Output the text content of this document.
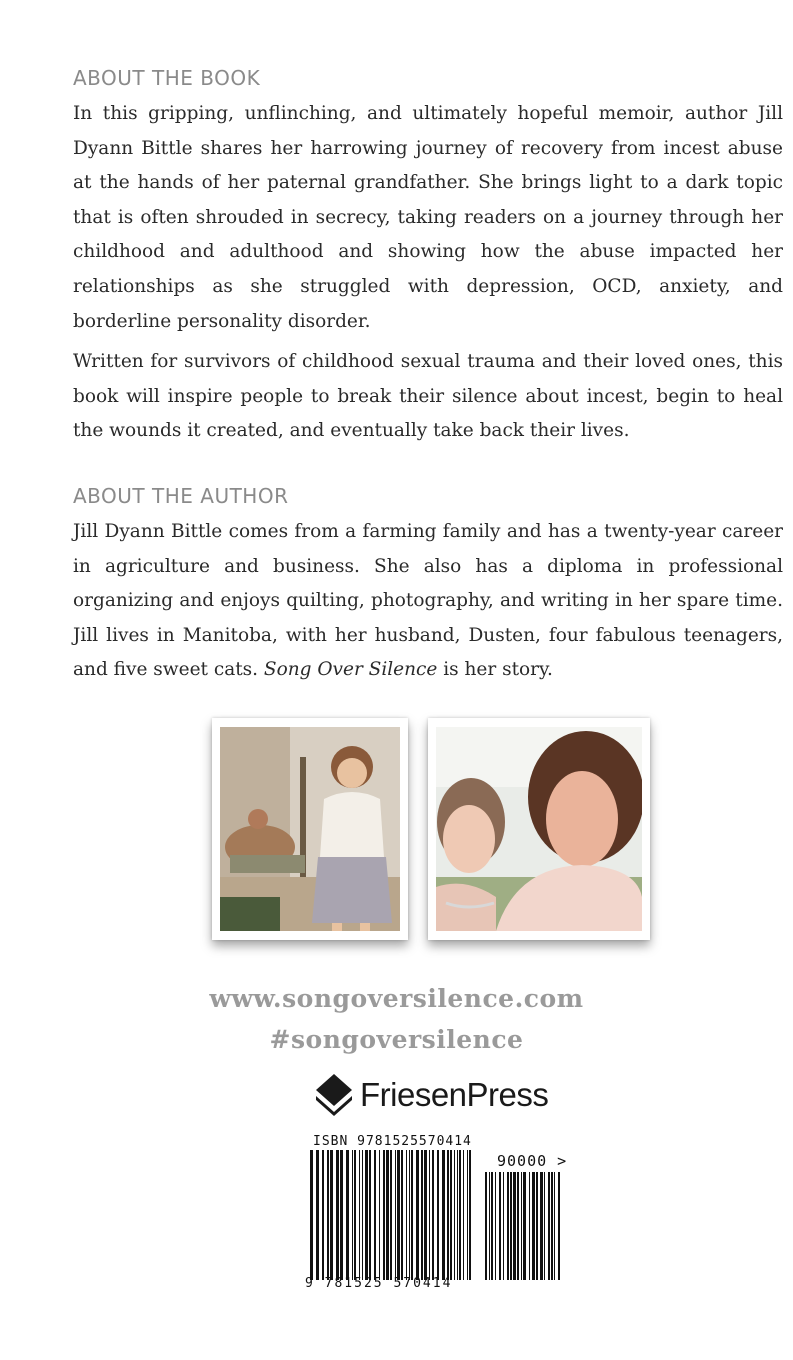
ABOUT THE BOOK

In this gripping, unflinching, and ultimately hopeful memoir, author Jill Dyann Bittle shares her harrowing journey of recovery from incest abuse at the hands of her paternal grandfather. She brings light to a dark topic that is often shrouded in secrecy, taking readers on a journey through her childhood and adulthood and showing how the abuse impacted her relationships as she struggled with depression, OCD, anxiety, and borderline personality disorder.

Written for survivors of childhood sexual trauma and their loved ones, this book will inspire people to break their silence about incest, begin to heal the wounds it created, and eventually take back their lives.

ABOUT THE AUTHOR

Jill Dyann Bittle comes from a farming family and has a twenty-year career in agriculture and business. She also has a diploma in professional organizing and enjoys quilting, photography, and writing in her spare time. Jill lives in Manitoba, with her husband, Dusten, four fabulous teenagers, and five sweet cats. Song Over Silence is her story.

www.songoversilence.com

#songoversilence

FriesenPress

ISBN 9781525570414

9 781525 570414

90000 >
